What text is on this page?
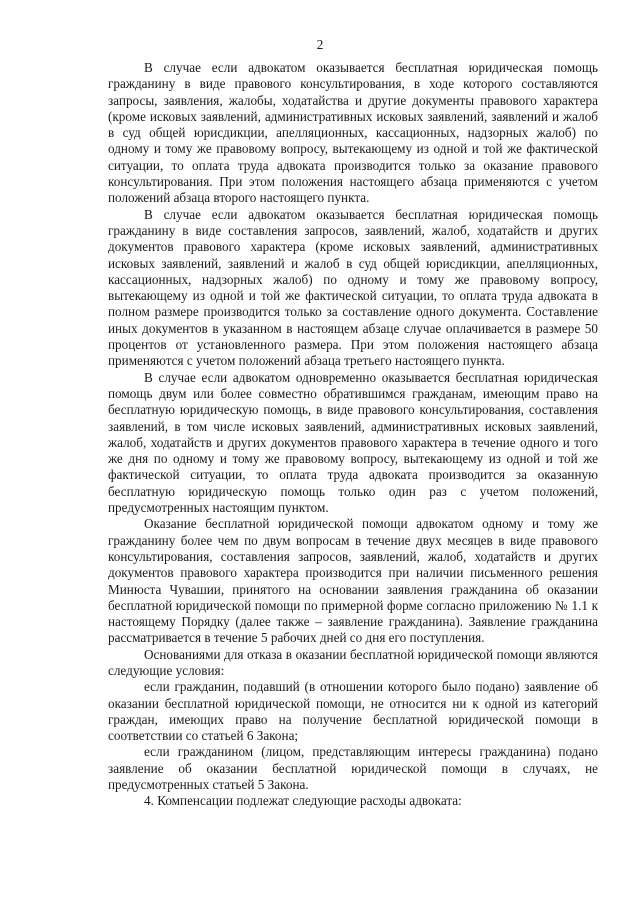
2

В случае если адвокатом оказывается бесплатная юридическая помощь гражданину в виде правового консультирования, в ходе которого составляются запросы, заявления, жалобы, ходатайства и другие документы правового характера (кроме исковых заявлений, административных исковых заявлений, заявлений и жалоб в суд общей юрисдикции, апелляционных, кассационных, надзорных жалоб) по одному и тому же правовому вопросу, вытекающему из одной и той же фактической ситуации, то оплата труда адвоката производится только за оказание правового консультирования. При этом положения настоящего абзаца применяются с учетом положений абзаца второго настоящего пункта.

В случае если адвокатом оказывается бесплатная юридическая помощь гражданину в виде составления запросов, заявлений, жалоб, ходатайств и других документов правового характера (кроме исковых заявлений, административных исковых заявлений, заявлений и жалоб в суд общей юрисдикции, апелляционных, кассационных, надзорных жалоб) по одному и тому же правовому вопросу, вытекающему из одной и той же фактической ситуации, то оплата труда адвоката в полном размере производится только за составление одного документа. Составление иных документов в указанном в настоящем абзаце случае оплачивается в размере 50 процентов от установленного размера. При этом положения настоящего абзаца применяются с учетом положений абзаца третьего настоящего пункта.

В случае если адвокатом одновременно оказывается бесплатная юридическая помощь двум или более совместно обратившимся гражданам, имеющим право на бесплатную юридическую помощь, в виде правового консультирования, составления заявлений, в том числе исковых заявлений, административных исковых заявлений, жалоб, ходатайств и других документов правового характера в течение одного и того же дня по одному и тому же правовому вопросу, вытекающему из одной и той же фактической ситуации, то оплата труда адвоката производится за оказанную бесплатную юридическую помощь только один раз с учетом положений, предусмотренных настоящим пунктом.

Оказание бесплатной юридической помощи адвокатом одному и тому же гражданину более чем по двум вопросам в течение двух месяцев в виде правового консультирования, составления запросов, заявлений, жалоб, ходатайств и других документов правового характера производится при наличии письменного решения Минюста Чувашии, принятого на основании заявления гражданина об оказании бесплатной юридической помощи по примерной форме согласно приложению № 1.1 к настоящему Порядку (далее также – заявление гражданина). Заявление гражданина рассматривается в течение 5 рабочих дней со дня его поступления.

Основаниями для отказа в оказании бесплатной юридической помощи являются следующие условия:

если гражданин, подавший (в отношении которого было подано) заявление об оказании бесплатной юридической помощи, не относится ни к одной из категорий граждан, имеющих право на получение бесплатной юридической помощи в соответствии со статьей 6 Закона;

если гражданином (лицом, представляющим интересы гражданина) подано заявление об оказании бесплатной юридической помощи в случаях, не предусмотренных статьей 5 Закона.

4. Компенсации подлежат следующие расходы адвоката:
